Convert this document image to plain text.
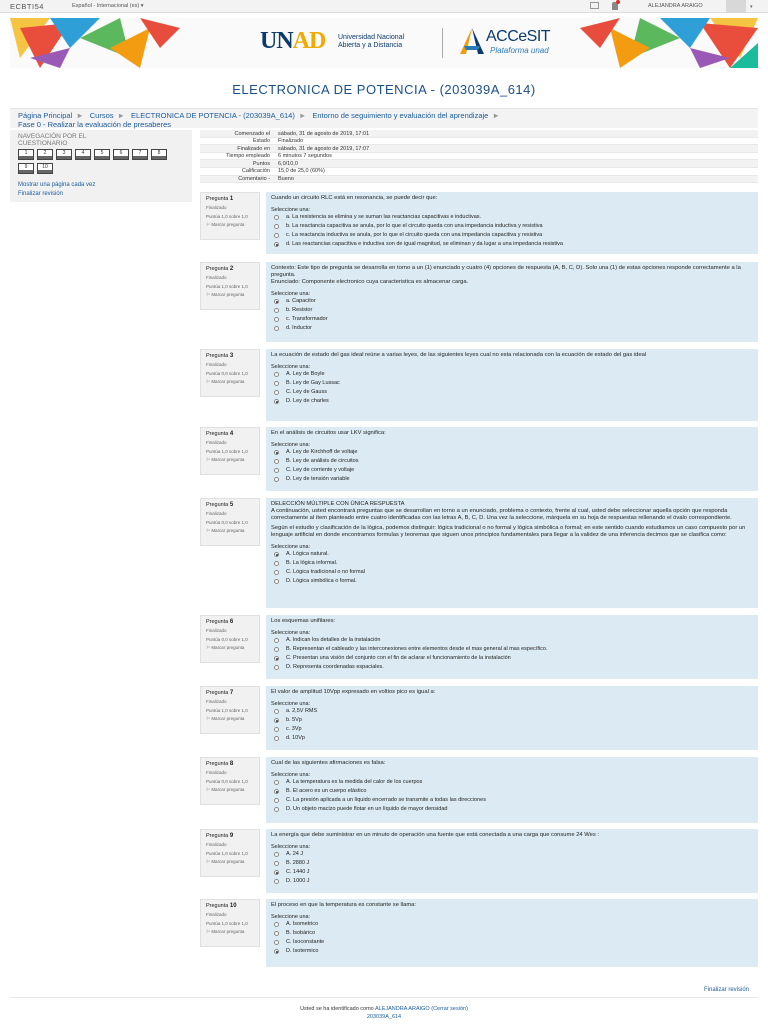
ECBTI54	Español - Internacional (es) ▾	ALEJANDRA ARAIGO	▾
UNAD Universidad Nacional
Abierta y a Distancia
ACCeSIT
Plataforma unad
ELECTRONICA DE POTENCIA - (203039A_614)
Página Principal ► Cursos ► ELECTRONICA DE POTENCIA - (203039A_614) ► Entorno de seguimiento y evaluación del aprendizaje ►
Fase 0 - Realizar la evaluación de presaberes
NAVEGACIÓN POR EL CUESTIONARIO
1	2	3	4	5	6	7	8
9	10
Mostrar una página cada vez
Finalizar revisión
Comenzado el sábado, 31 de agosto de 2019, 17:01
Estado Finalizado
Finalizado en sábado, 31 de agosto de 2019, 17:07
Tiempo empleado 6 minutos 7 segundos
Puntos 6,0/10,0
Calificación 15,0 de 25,0 (60%)
Comentario - Bueno
Pregunta 1
Finalizado
Puntúa 1,0 sobre 1,0
⚐ Marcar pregunta
Cuando un circuito RLC está en resonancia, se puede decir que:
Seleccione una:
a. La resistencia se elimina y se suman las reactancias capacitivas e inductivas.
b. La reactancia capacitiva se anula, por lo que el circuito queda con una impedancia inductiva y resistiva
c. La reactancia inductiva se anula, por lo que el circuito queda con una impedancia capacitiva y resistiva
d. Las reactancias capacitiva e inductiva son de igual magnitud, se eliminan y da lugar a una impedancia resistiva
Pregunta 2
Finalizado
Puntúa 1,0 sobre 1,0
⚐ Marcar pregunta
Contexto: Este tipo de pregunta se desarrolla en torno a un (1) enunciado y cuatro (4) opciones de respuesta (A, B, C, D). Solo una (1) de estas opciones responde correctamente a la pregunta.
Enunciado: Componente electronico cuya caracteristica es almacenar carga.
Seleccione una:
a. Capacitor
b. Resistor
c. Transformador
d. Inductor
Pregunta 3
Finalizado
Puntúa 0,0 sobre 1,0
⚐ Marcar pregunta
La ecuación de estado del gas ideal reúne a varias leyes, de las siguientes leyes cual no esta relacionada con la ecuación de estado del gas ideal
Seleccione una:
A. Ley de Boyle
B. Ley de Gay Lussac
C. Ley de Gauss
D. Ley de charles
Pregunta 4
Finalizado
Puntúa 1,0 sobre 1,0
⚐ Marcar pregunta
En el análisis de circuitos usar LKV significa:
Seleccione una:
A. Ley de Kirchhoff de voltaje
B. Ley de análisis de circuitos
C. Ley de corriente y voltaje
D. Ley de tensión variable
Pregunta 5
Finalizado
Puntúa 0,0 sobre 1,0
⚐ Marcar pregunta
DELECCIÓN MÚLTIPLE CON ÚNICA RESPUESTA
A continuación, usted encontrará preguntas que se desarrollan en torno a un enunciado, problema o contexto, frente al cual, usted debe seleccionar aquella opción que responda correctamente al ítem planteado entre cuatro identificadas con las letras A, B, C, D. Una vez la seleccione, márquela en su hoja de respuestas rellenando el óvalo correspondiente.
Según el estudio y clasificación de la lógica, podemos distinguir: lógica tradicional o no formal y lógica simbólica o formal; en este sentido cuando estudiamos un caso compuesto por un lenguaje artificial en donde encontramos formulas y teoremas que siguen unos principios fundamentales para llegar a la validez de una inferencia decimos que se clasifica como:
Seleccione una:
A. Lógica natural.
B. La lógica informal.
C. Lógica tradicional o no formal
D. Lógica simbólica o formal.
Pregunta 6
Finalizado
Puntúa 0,0 sobre 1,0
⚐ Marcar pregunta
Los esquemas unifilares:
Seleccione una:
A. Indican los detalles de la instalación
B. Representan el cableado y las interconexiones entre elementos desde el mas general al mas específico.
C. Presentan una visión del conjunto con el fin de aclarar el funcionamiento de la instalación
D. Representa coordenadas espaciales.
Pregunta 7
Finalizado
Puntúa 1,0 sobre 1,0
⚐ Marcar pregunta
El valor de amplitud 10Vpp expresado en voltios pico es igual a:
Seleccione una:
a. 2,5V RMS
b. 5Vp
c. 3Vp
d. 10Vp
Pregunta 8
Finalizado
Puntúa 0,0 sobre 1,0
⚐ Marcar pregunta
Cual de las siguientes afirmaciones es falsa:
Seleccione una:
A. La temperatura es la medida del calor de los cuerpos
B. El acero es un cuerpo elástico
C. La presión aplicada a un líquido encerrado se transmite a todas las direcciones
D. Un objeto macizo puede flotar en un líquido de mayor densidad
Pregunta 9
Finalizado
Puntúa 1,0 sobre 1,0
⚐ Marcar pregunta
La energía que debe suministrar en un minuto de operación una fuente que está conectada a una carga que consume 24 Wes :
Seleccione una:
A. 24 J
B. 2880 J
C. 1440 J
D. 1000 J
Pregunta 10
Finalizado
Puntúa 1,0 sobre 1,0
⚐ Marcar pregunta
El proceso en que la temperatura es constante se llama:
Seleccione una:
A. Isometrico
B. Isobárico
C. Isoconstante
D. Isotermico
Finalizar revisión
Usted se ha identificado como ALEJANDRA ARAIGO (Cerrar sesión)
203039A_614
